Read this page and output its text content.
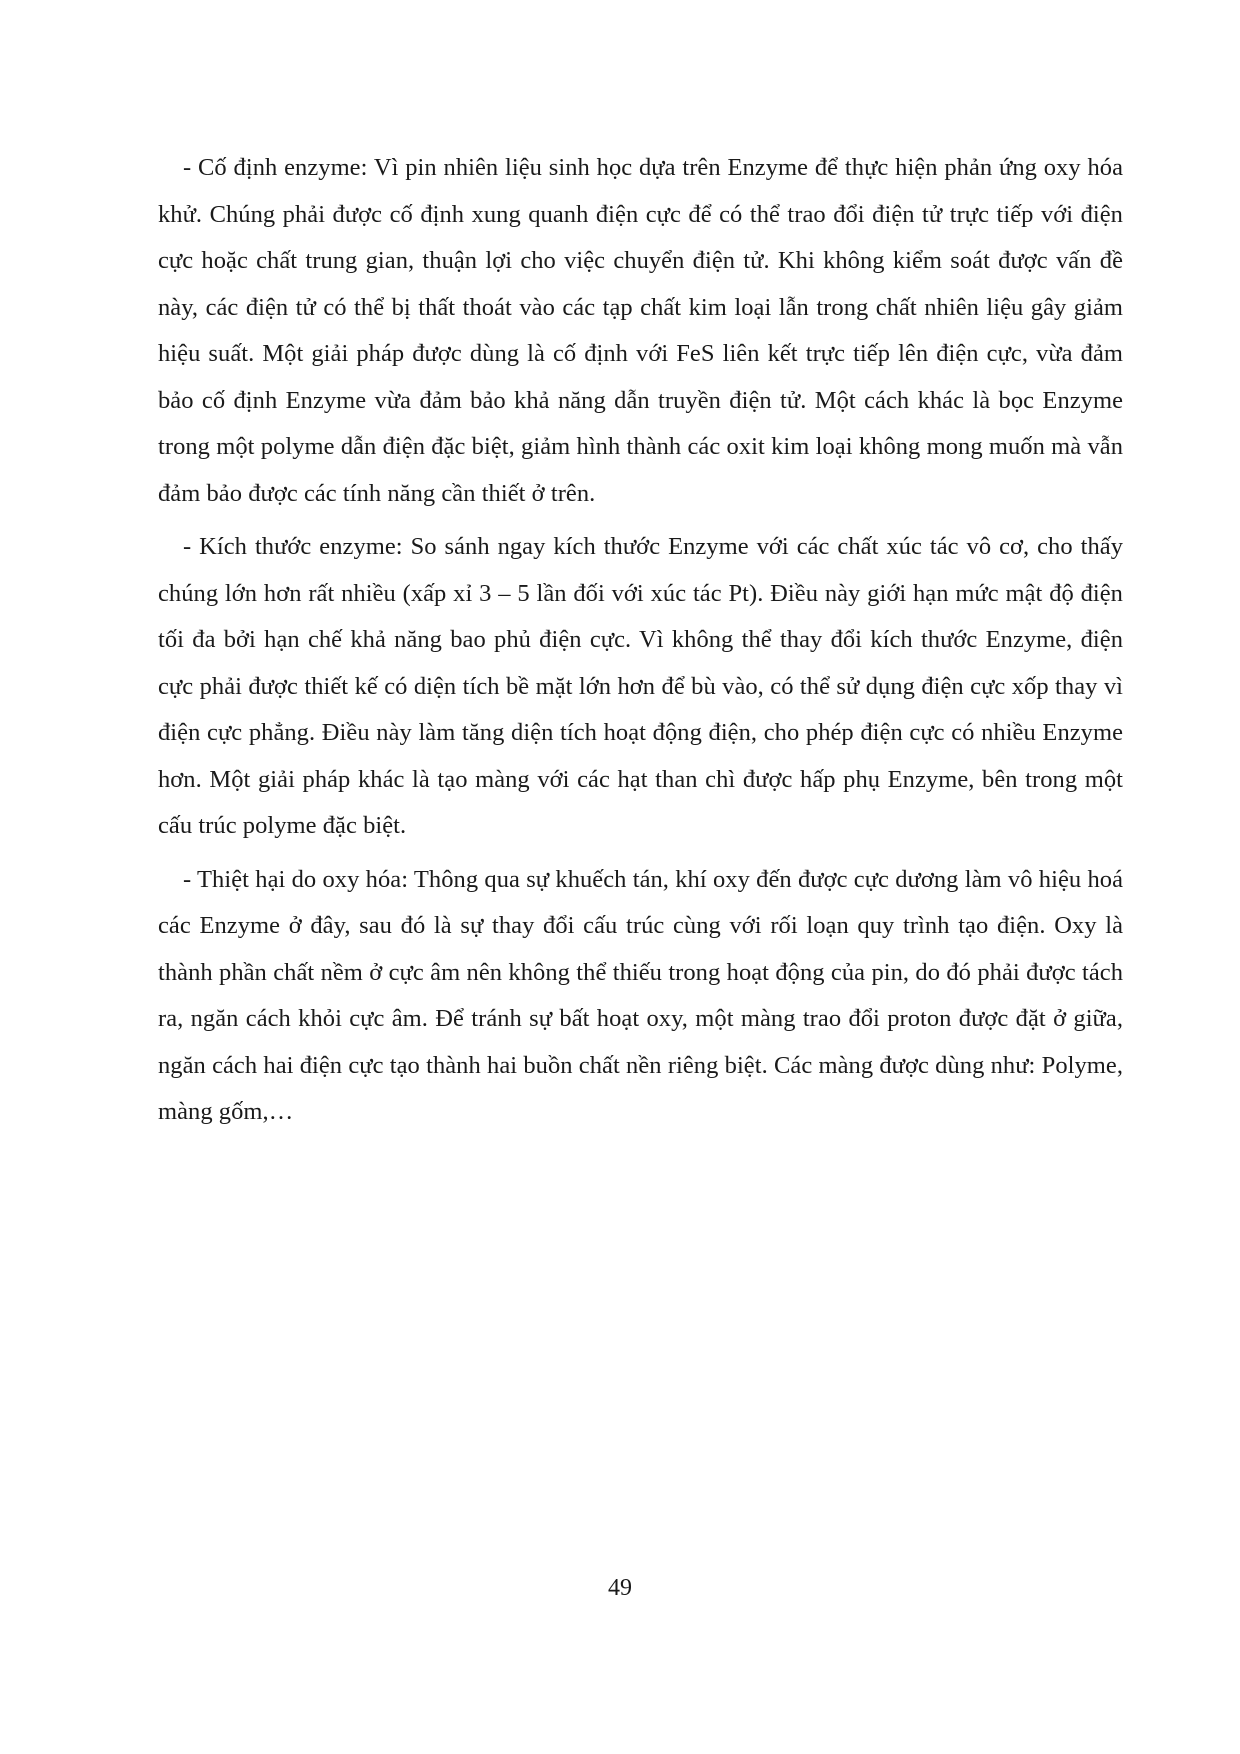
- Cố định enzyme: Vì pin nhiên liệu sinh học dựa trên Enzyme để thực hiện phản ứng oxy hóa khử. Chúng phải được cố định xung quanh điện cực để có thể trao đổi điện tử trực tiếp với điện cực hoặc chất trung gian, thuận lợi cho việc chuyển điện tử. Khi không kiểm soát được vấn đề này, các điện tử có thể bị thất thoát vào các tạp chất kim loại lẫn trong chất nhiên liệu gây giảm hiệu suất. Một giải pháp được dùng là cố định với FeS liên kết trực tiếp lên điện cực, vừa đảm bảo cố định Enzyme vừa đảm bảo khả năng dẫn truyền điện tử. Một cách khác là bọc Enzyme trong một polyme dẫn điện đặc biệt, giảm hình thành các oxit kim loại không mong muốn mà vẫn đảm bảo được các tính năng cần thiết ở trên.

- Kích thước enzyme: So sánh ngay kích thước Enzyme với các chất xúc tác vô cơ, cho thấy chúng lớn hơn rất nhiều (xấp xỉ 3 – 5 lần đối với xúc tác Pt). Điều này giới hạn mức mật độ điện tối đa bởi hạn chế khả năng bao phủ điện cực. Vì không thể thay đổi kích thước Enzyme, điện cực phải được thiết kế có diện tích bề mặt lớn hơn để bù vào, có thể sử dụng điện cực xốp thay vì điện cực phẳng. Điều này làm tăng diện tích hoạt động điện, cho phép điện cực có nhiều Enzyme hơn. Một giải pháp khác là tạo màng với các hạt than chì được hấp phụ Enzyme, bên trong một cấu trúc polyme đặc biệt.

- Thiệt hại do oxy hóa: Thông qua sự khuếch tán, khí oxy đến được cực dương làm vô hiệu hoá các Enzyme ở đây, sau đó là sự thay đổi cấu trúc cùng với rối loạn quy trình tạo điện. Oxy là thành phần chất nềm ở cực âm nên không thể thiếu trong hoạt động của pin, do đó phải được tách ra, ngăn cách khỏi cực âm. Để tránh sự bất hoạt oxy, một màng trao đổi proton được đặt ở giữa, ngăn cách hai điện cực tạo thành hai buồn chất nền riêng biệt. Các màng được dùng như: Polyme, màng gốm,…

49
